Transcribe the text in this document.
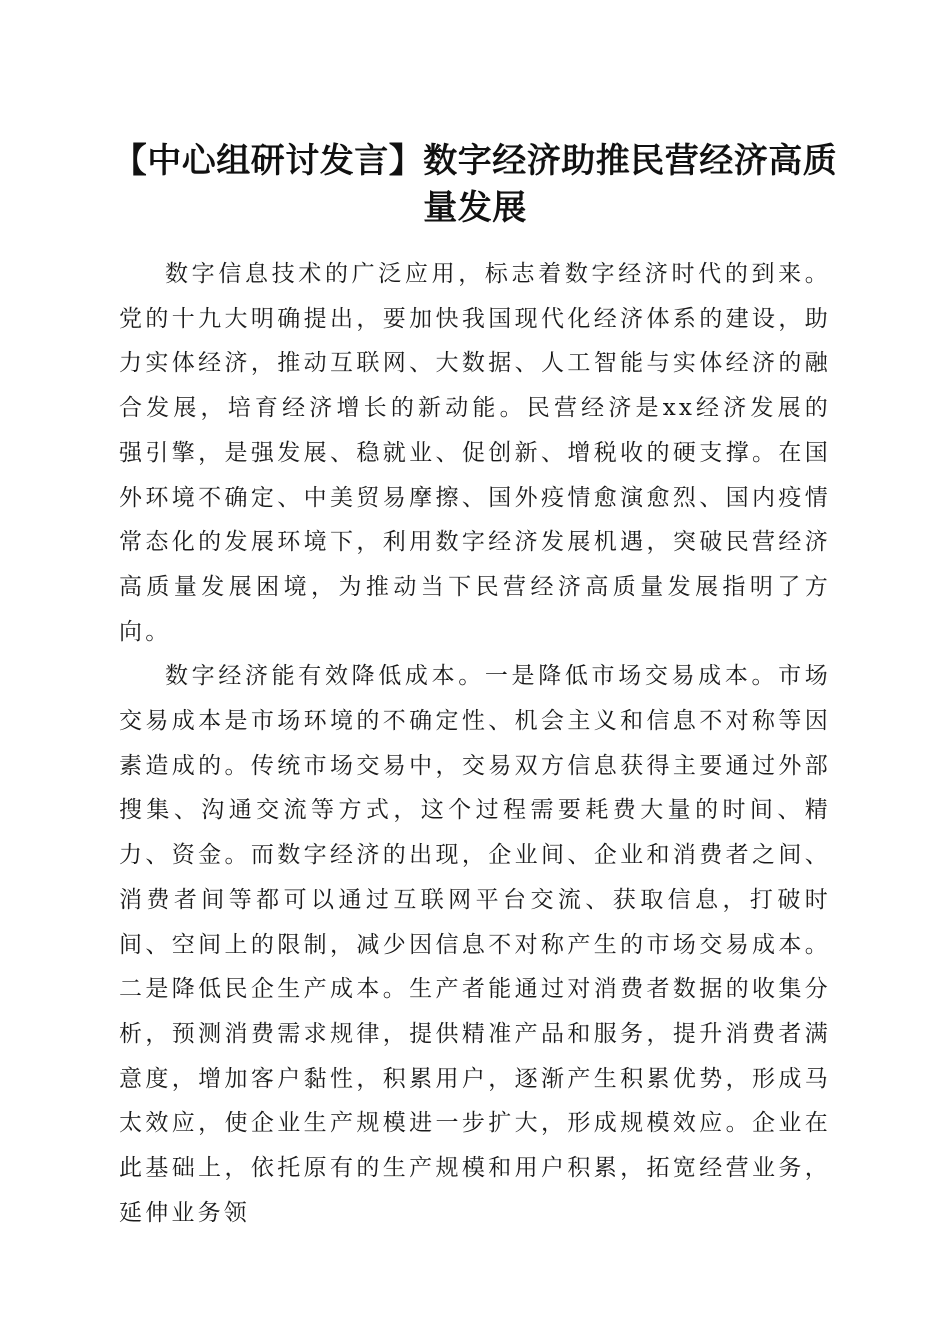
【中心组研讨发言】数字经济助推民营经济高质量发展

数字信息技术的广泛应用，标志着数字经济时代的到来。党的十九大明确提出，要加快我国现代化经济体系的建设，助力实体经济，推动互联网、大数据、人工智能与实体经济的融合发展，培育经济增长的新动能。民营经济是xx经济发展的强引擎，是强发展、稳就业、促创新、增税收的硬支撑。在国外环境不确定、中美贸易摩擦、国外疫情愈演愈烈、国内疫情常态化的发展环境下，利用数字经济发展机遇，突破民营经济高质量发展困境，为推动当下民营经济高质量发展指明了方向。

数字经济能有效降低成本。一是降低市场交易成本。市场交易成本是市场环境的不确定性、机会主义和信息不对称等因素造成的。传统市场交易中，交易双方信息获得主要通过外部搜集、沟通交流等方式，这个过程需要耗费大量的时间、精力、资金。而数字经济的出现，企业间、企业和消费者之间、消费者间等都可以通过互联网平台交流、获取信息，打破时间、空间上的限制，减少因信息不对称产生的市场交易成本。二是降低民企生产成本。生产者能通过对消费者数据的收集分析，预测消费需求规律，提供精准产品和服务，提升消费者满意度，增加客户黏性，积累用户，逐渐产生积累优势，形成马太效应，使企业生产规模进一步扩大，形成规模效应。企业在此基础上，依托原有的生产规模和用户积累，拓宽经营业务，延伸业务领
